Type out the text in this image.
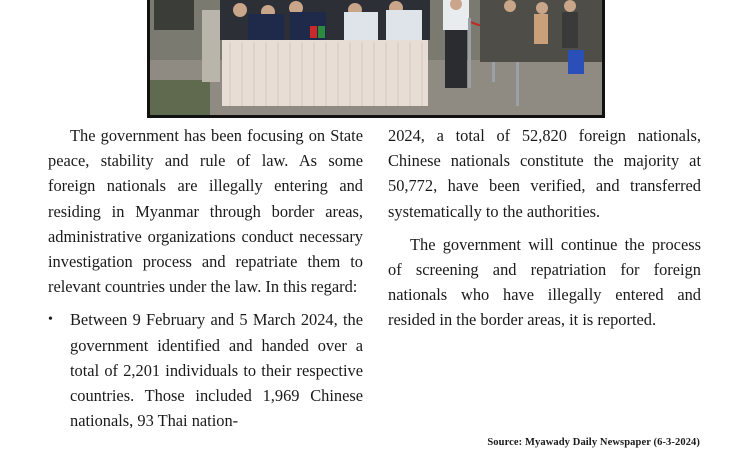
The government has been focusing on State peace, stability and rule of law. As some foreign nationals are illegally entering and residing in Myanmar through border areas, administrative organizations conduct necessary investigation process and repatriate them to relevant countries under the law. In this regard:

• Between 9 February and 5 March 2024, the government identified and handed over a total of 2,201 individuals to their respective countries. Those included 1,969 Chinese nationals, 93 Thai nation-

2024, a total of 52,820 foreign nationals, Chinese nationals constitute the majority at 50,772, have been verified, and transferred systematically to the authorities.

The government will continue the process of screening and repatriation for foreign nationals who have illegally entered and resided in the border areas, it is reported.

Source: Myawady Daily Newspaper (6-3-2024)
